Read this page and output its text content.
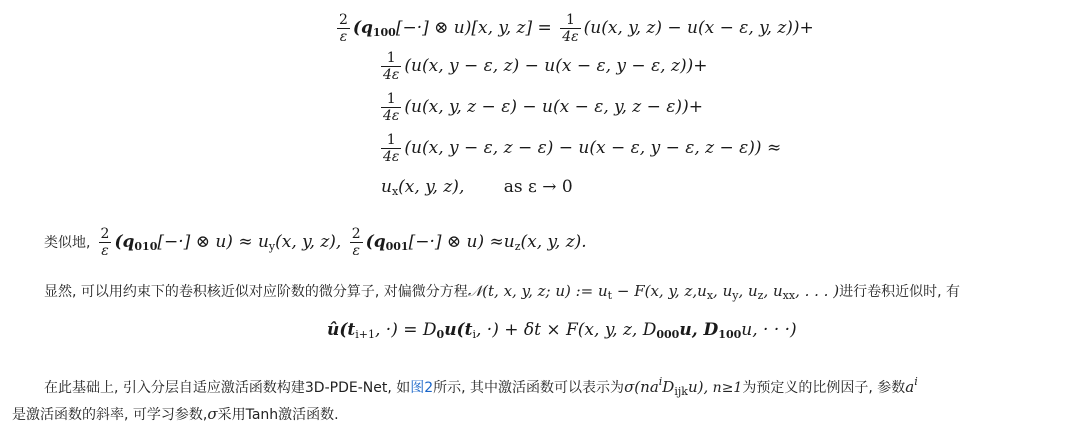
$\frac{2}{\varepsilon} (q_{100}[-\cdot]$ ⊗ u)[x, y, $z] = \frac{1}{4\varepsilon} (u(x$, y, z) − u(x − ε, y, z))+
$\frac{1}{4\varepsilon} (u(x$, y − ε, z) − u(x − ε, y − ε, z))+
$\frac{1}{4\varepsilon} (u(x$, y, z − ε) − u(x − ε, y, z − ε))+
$\frac{1}{4\varepsilon} (u(x$, y − ε, z − ε) − u(x − ε, y − ε, z − ε)) ≈
$u_x(x$, y, z), as ε → 0
类似地, $\frac{2}{\varepsilon} (q_{010}[-\cdot]$ ⊗ $u) \approx u_y(x$, y, z), $\frac{2}{\varepsilon} (q_{001}[-\cdot]$ ⊗ $u) \approx u_z(x$, y, z).
显然, 可以用约束下的卷积核近似对应阶数的微分算子, 对偏微分方程𝒩(t, x, y, z; u) := $u_t - F(x$, y, $z,u_x$, $u_y$, $u_z$, $u_{xx}$, . . . )进行卷积近似时, 有
$û(t_{i+1}$, ·) = $D_0u(t_i$, ·) + δt × F(x, y, z, $D_{000}u$, $D_{100}u$, · · ·)
在此基础上, 引入分层自适应激活函数构建3D-PDE-Net, 如图2所示, 其中激活函数可以表示为$\sigma(na^iD_{ijk}u)$, n≥1为预定义的比例因子, 参数$a^i$
是激活函数的斜率, 可学习参数,σ采用Tanh激活函数.
